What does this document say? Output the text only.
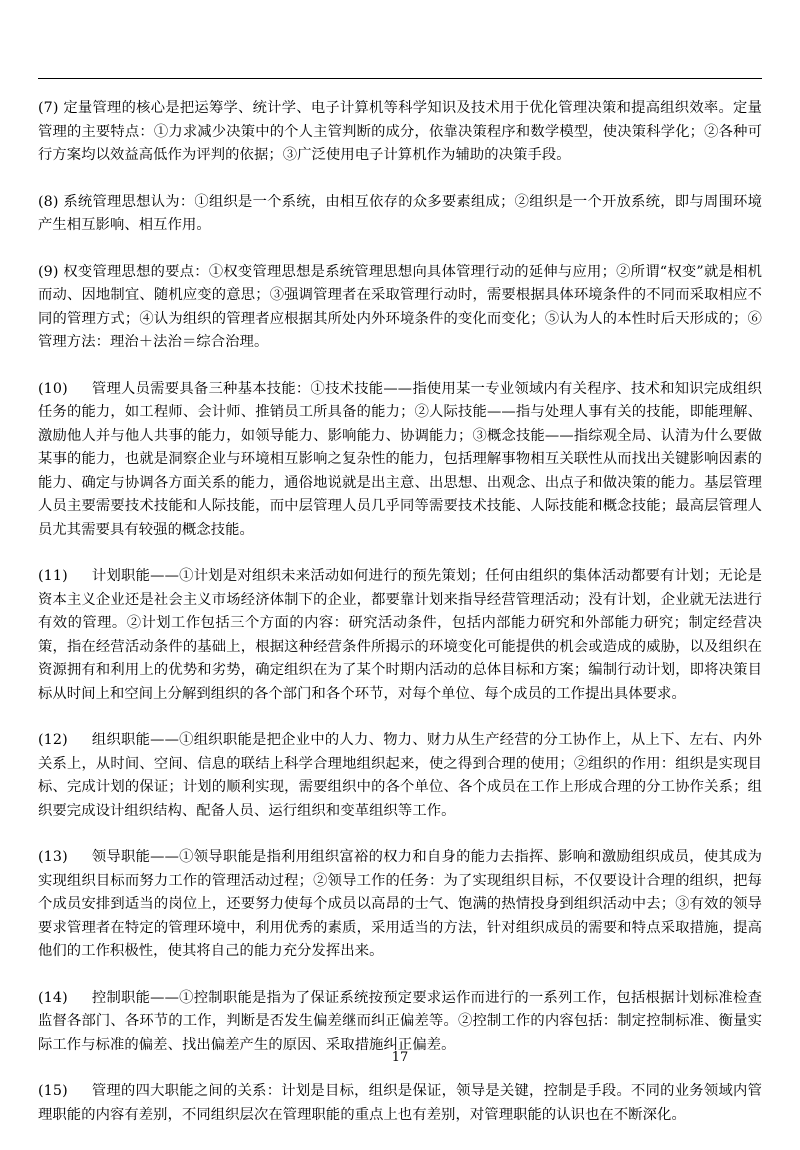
(7) 定量管理的核心是把运筹学、统计学、电子计算机等科学知识及技术用于优化管理决策和提高组织效率。定量管理的主要特点：①力求减少决策中的个人主管判断的成分，依靠决策程序和数学模型，使决策科学化；②各种可行方案均以效益高低作为评判的依据；③广泛使用电子计算机作为辅助的决策手段。

(8) 系统管理思想认为：①组织是一个系统，由相互依存的众多要素组成；②组织是一个开放系统，即与周围环境产生相互影响、相互作用。

(9) 权变管理思想的要点：①权变管理思想是系统管理思想向具体管理行动的延伸与应用；②所谓“权变”就是相机而动、因地制宜、随机应变的意思；③强调管理者在采取管理行动时，需要根据具体环境条件的不同而采取相应不同的管理方式；④认为组织的管理者应根据其所处内外环境条件的变化而变化；⑤认为人的本性时后天形成的；⑥管理方法：理治＋法治＝综合治理。

(10)     管理人员需要具备三种基本技能：①技术技能——指使用某一专业领域内有关程序、技术和知识完成组织任务的能力，如工程师、会计师、推销员工所具备的能力；②人际技能——指与处理人事有关的技能，即能理解、激励他人并与他人共事的能力，如领导能力、影响能力、协调能力；③概念技能——指综观全局、认清为什么要做某事的能力，也就是洞察企业与环境相互影响之复杂性的能力，包括理解事物相互关联性从而找出关键影响因素的能力、确定与协调各方面关系的能力，通俗地说就是出主意、出思想、出观念、出点子和做决策的能力。基层管理人员主要需要技术技能和人际技能，而中层管理人员几乎同等需要技术技能、人际技能和概念技能；最高层管理人员尤其需要具有较强的概念技能。

(11)     计划职能——①计划是对组织未来活动如何进行的预先策划；任何由组织的集体活动都要有计划；无论是资本主义企业还是社会主义市场经济体制下的企业，都要靠计划来指导经营管理活动；没有计划，企业就无法进行有效的管理。②计划工作包括三个方面的内容：研究活动条件，包括内部能力研究和外部能力研究；制定经营决策，指在经营活动条件的基础上，根据这种经营条件所揭示的环境变化可能提供的机会或造成的威胁，以及组织在资源拥有和利用上的优势和劣势，确定组织在为了某个时期内活动的总体目标和方案；编制行动计划，即将决策目标从时间上和空间上分解到组织的各个部门和各个环节，对每个单位、每个成员的工作提出具体要求。

(12)     组织职能——①组织职能是把企业中的人力、物力、财力从生产经营的分工协作上，从上下、左右、内外关系上，从时间、空间、信息的联结上科学合理地组织起来，使之得到合理的使用；②组织的作用：组织是实现目标、完成计划的保证；计划的顺利实现，需要组织中的各个单位、各个成员在工作上形成合理的分工协作关系；组织要完成设计组织结构、配备人员、运行组织和变革组织等工作。

(13)     领导职能——①领导职能是指利用组织富裕的权力和自身的能力去指挥、影响和激励组织成员，使其成为实现组织目标而努力工作的管理活动过程；②领导工作的任务：为了实现组织目标，不仅要设计合理的组织，把每个成员安排到适当的岗位上，还要努力使每个成员以高昂的士气、饱满的热情投身到组织活动中去；③有效的领导要求管理者在特定的管理环境中，利用优秀的素质，采用适当的方法，针对组织成员的需要和特点采取措施，提高他们的工作积极性，使其将自己的能力充分发挥出来。

(14)     控制职能——①控制职能是指为了保证系统按预定要求运作而进行的一系列工作，包括根据计划标准检查监督各部门、各环节的工作，判断是否发生偏差继而纠正偏差等。②控制工作的内容包括：制定控制标准、衡量实际工作与标准的偏差、找出偏差产生的原因、采取措施纠正偏差。

(15)     管理的四大职能之间的关系：计划是目标，组织是保证，领导是关键，控制是手段。不同的业务领域内管理职能的内容有差别，不同组织层次在管理职能的重点上也有差别，对管理职能的认识也在不断深化。

17
